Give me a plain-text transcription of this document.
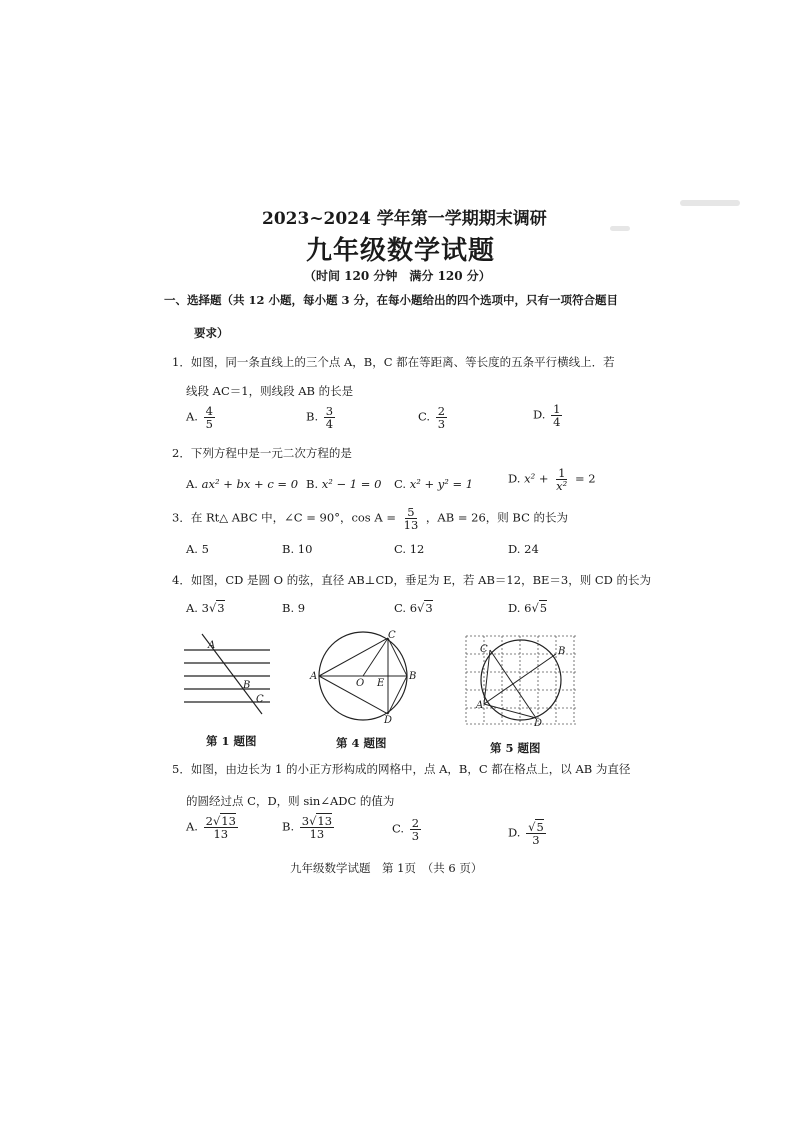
2023~2024 学年第一学期期末调研
九年级数学试题
（时间 120 分钟　满分 120 分）
一、选择题（共 12 小题，每小题 3 分，在每小题给出的四个选项中，只有一项符合题目
要求）
1．如图，同一条直线上的三个点 A，B，C 都在等距离、等长度的五条平行横线上．若
线段 AC＝1，则线段 AB 的长是
A. $\frac{4}{5}$	B. $\frac{3}{4}$	C. $\frac{2}{3}$	D. $\frac{1}{4}$
2．下列方程中是一元二次方程的是
A. ax² + bx + c = 0 B. x² − 1 = 0 C. x² + y² = 1	D. $x^2 + \frac{1}{\text{x²}} = 2$
3．在 Rt△ ABC 中，∠C = 90°，$\cos A = \frac{5}{13}$ ，AB = 26，则 BC 的长为
A. 5	B. 10	C. 12	D. 24
4．如图，CD 是圆 O 的弦，直径 AB⊥CD，垂足为 E，若 AB＝12，BE＝3，则 CD 的长为
A. 3√3	B. 9	C. 6√3	D. 6√5
A
B
C
第 1 题图
A	B
C
D
O E
第 4 题图
A
B
C
D
第 5 题图
5．如图，由边长为 1 的小正方形构成的网格中，点 A，B，C 都在格点上，以 AB 为直径
的圆经过点 C，D，则 sin∠ADC 的值为
A. $\frac{2√13}{13}$	B. $\frac{3√13}{13}$	C. $\frac{2}{3}$	D. $\frac{√5}{3}$
九年级数学试题　第 1页　（共 6 页）
